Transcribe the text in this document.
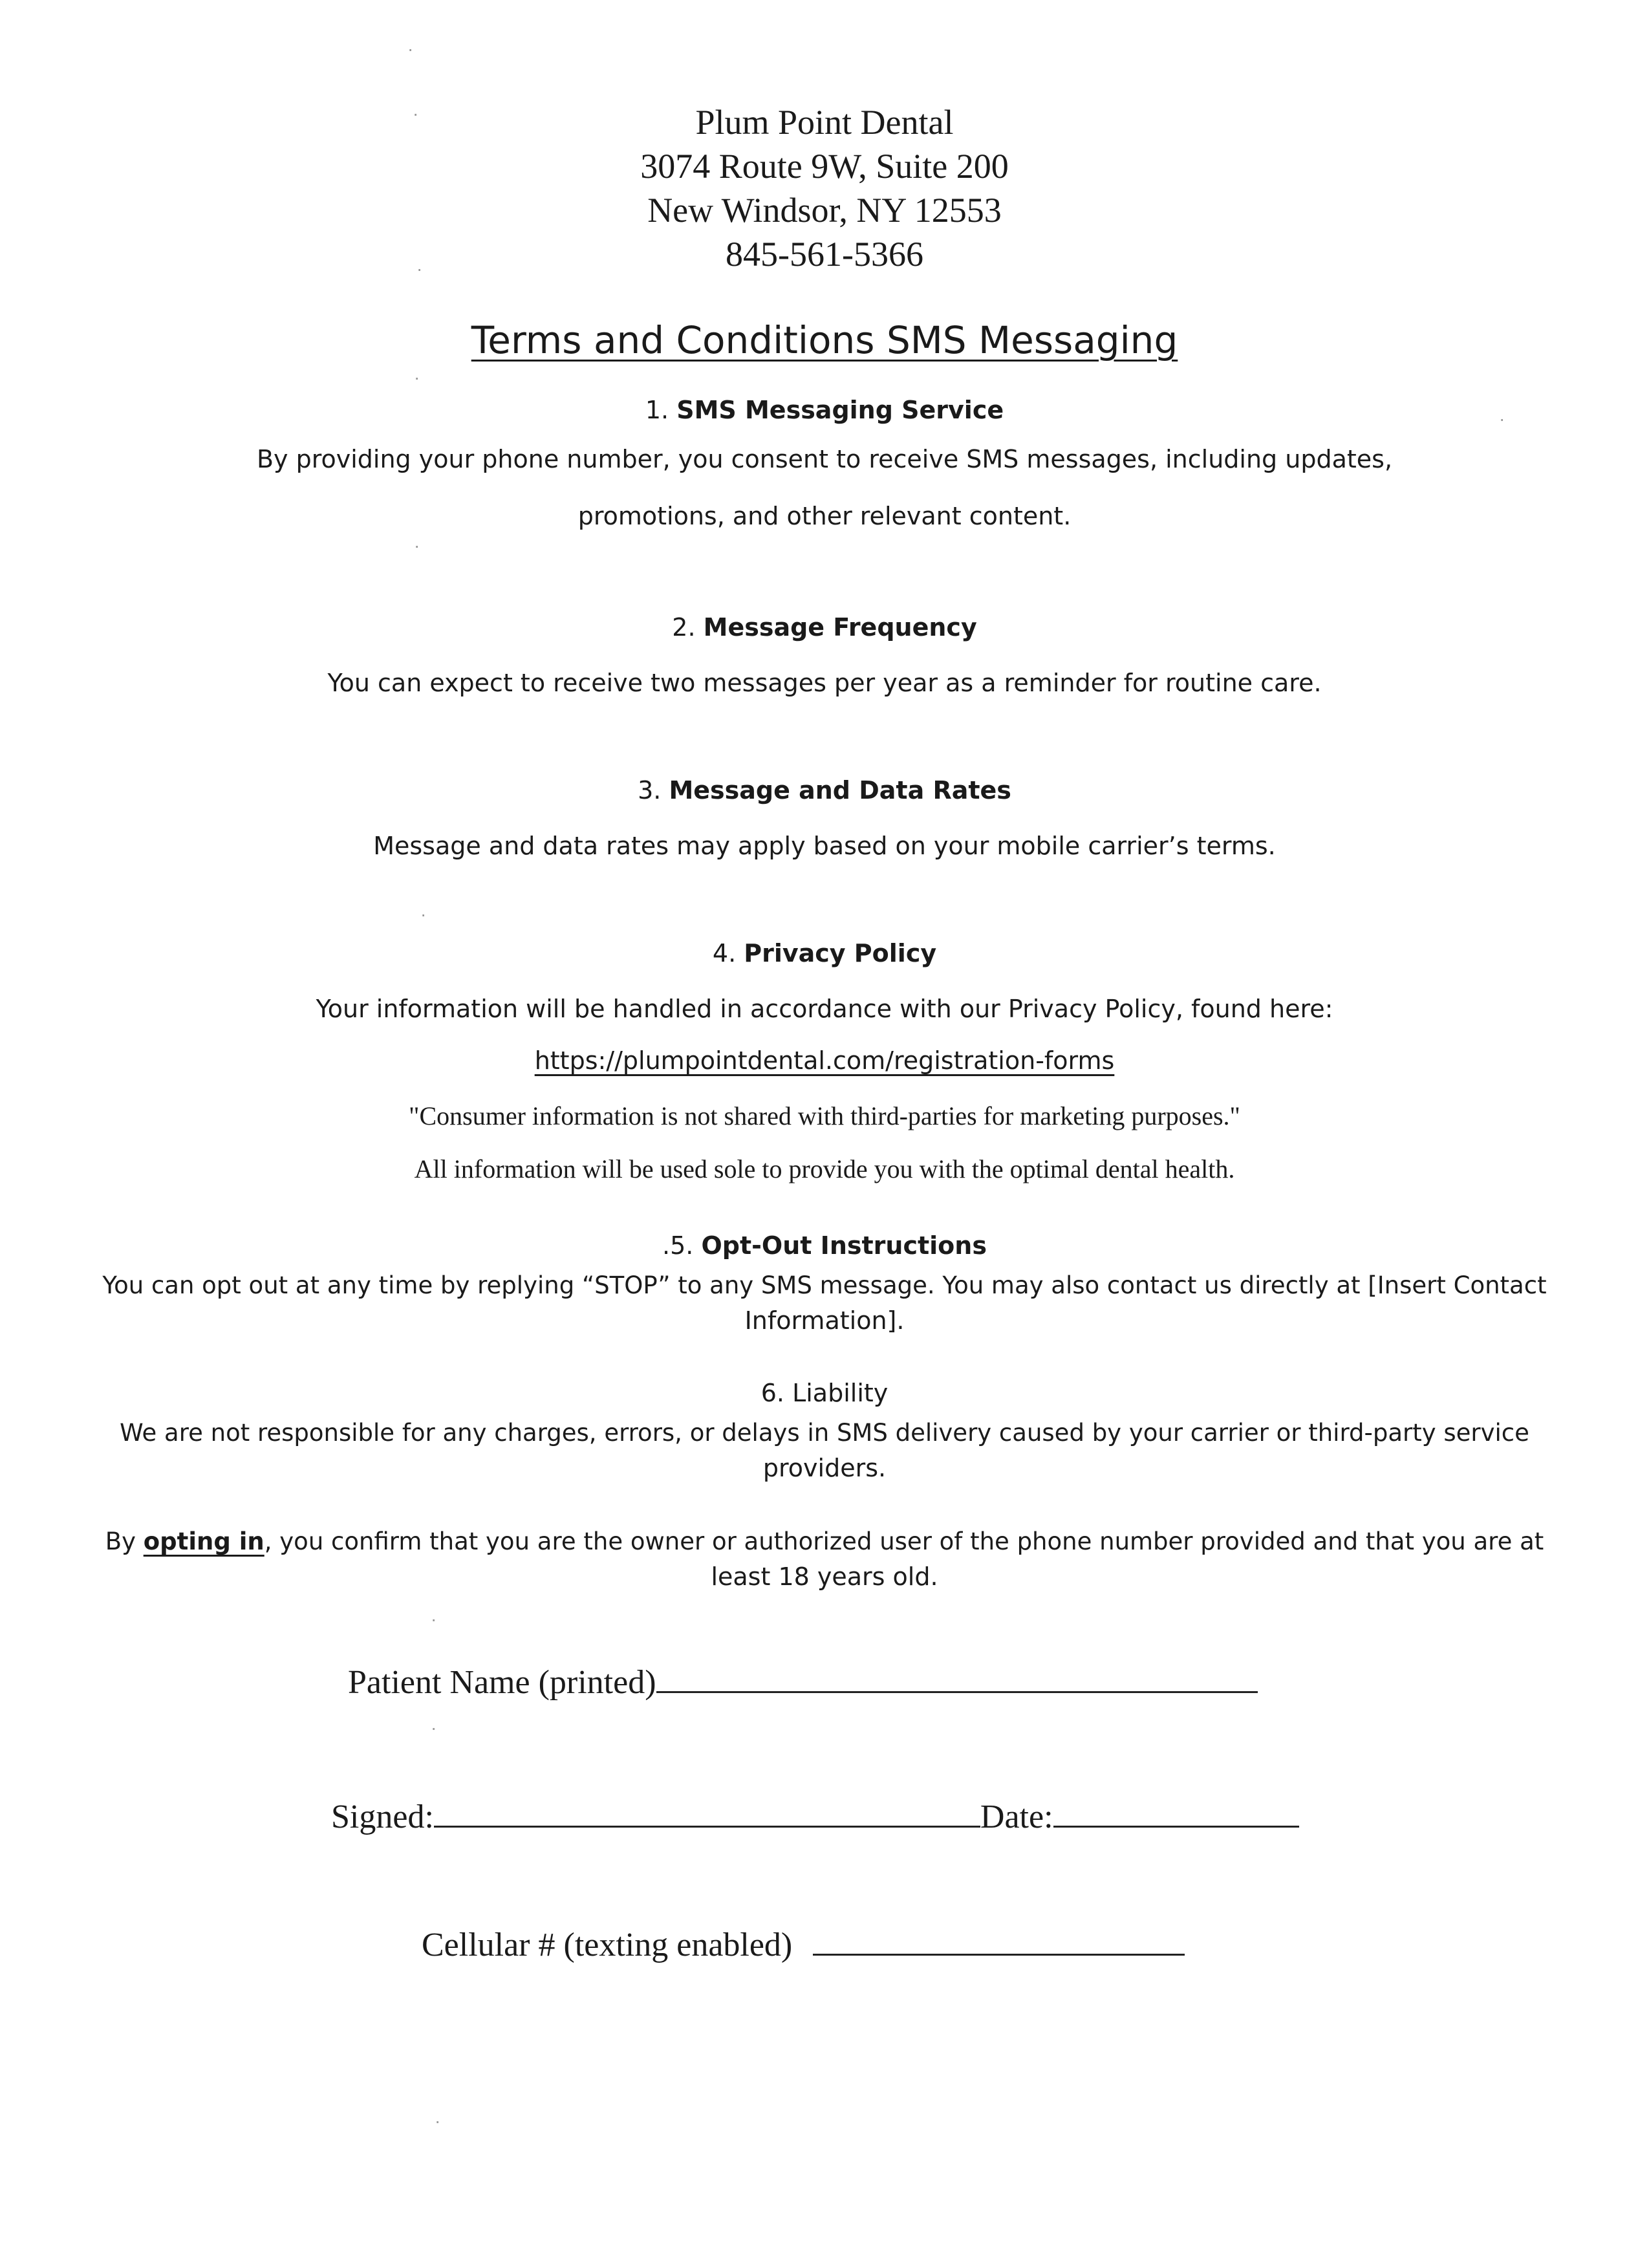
Plum Point Dental
3074 Route 9W, Suite 200
New Windsor, NY 12553
845-561-5366
Terms and Conditions SMS Messaging
1. SMS Messaging Service
By providing your phone number, you consent to receive SMS messages, including updates,
promotions, and other relevant content.
2. Message Frequency
You can expect to receive two messages per year as a reminder for routine care.
3. Message and Data Rates
Message and data rates may apply based on your mobile carrier’s terms.
4. Privacy Policy
Your information will be handled in accordance with our Privacy Policy, found here:
https://plumpointdental.com/registration-forms
"Consumer information is not shared with third-parties for marketing purposes."
All information will be used sole to provide you with the optimal dental health.
.5. Opt-Out Instructions
You can opt out at any time by replying “STOP” to any SMS message. You may also contact us directly at [Insert Contact
Information].
6. Liability
We are not responsible for any charges, errors, or delays in SMS delivery caused by your carrier or third-party service
providers.
By opting in, you confirm that you are the owner or authorized user of the phone number provided and that you are at
least 18 years old.
Patient Name (printed)
Signed:	Date:
Cellular # (texting enabled)
·
·
·
·
·
·
·
·
·
·
